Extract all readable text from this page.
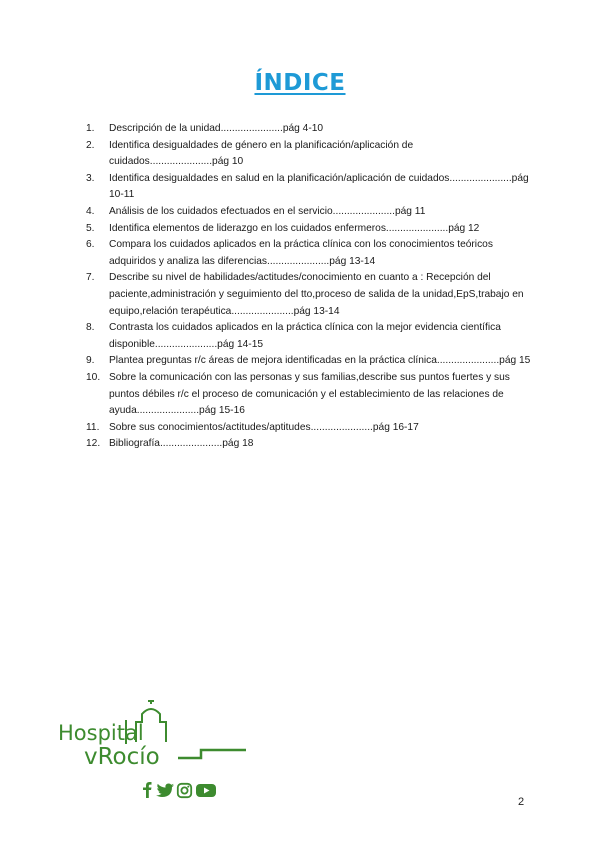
ÍNDICE
1. Descripción de la unidad......................pág 4-10
2. Identifica desigualdades de género en la planificación/aplicación de cuidados......................pág 10
3. Identifica desigualdades en salud en la planificación/aplicación de cuidados......................pág 10-11
4. Análisis de los cuidados efectuados en el servicio......................pág 11
5. Identifica elementos de liderazgo en los cuidados enfermeros......................pág 12
6. Compara los cuidados aplicados en la práctica clínica con los conocimientos teóricos adquiridos y analiza las diferencias......................pág 13-14
7. Describe su nivel de habilidades/actitudes/conocimiento en cuanto a : Recepción del paciente,administración y seguimiento del tto,proceso de salida de la unidad,EpS,trabajo en equipo,relación terapéutica......................pág 13-14
8. Contrasta los cuidados aplicados en la práctica clínica con la mejor evidencia científica disponible......................pág 14-15
9. Plantea preguntas r/c áreas de mejora identificadas en la práctica clínica......................pág 15
10. Sobre la comunicación con las personas y sus familias,describe sus puntos fuertes y sus puntos débiles r/c el proceso de comunicación y el establecimiento de las relaciones de ayuda......................pág 15-16
11. Sobre sus conocimientos/actitudes/aptitudes......................pág 16-17
12. Bibliografía......................pág 18
Hospital
vRocío
2
